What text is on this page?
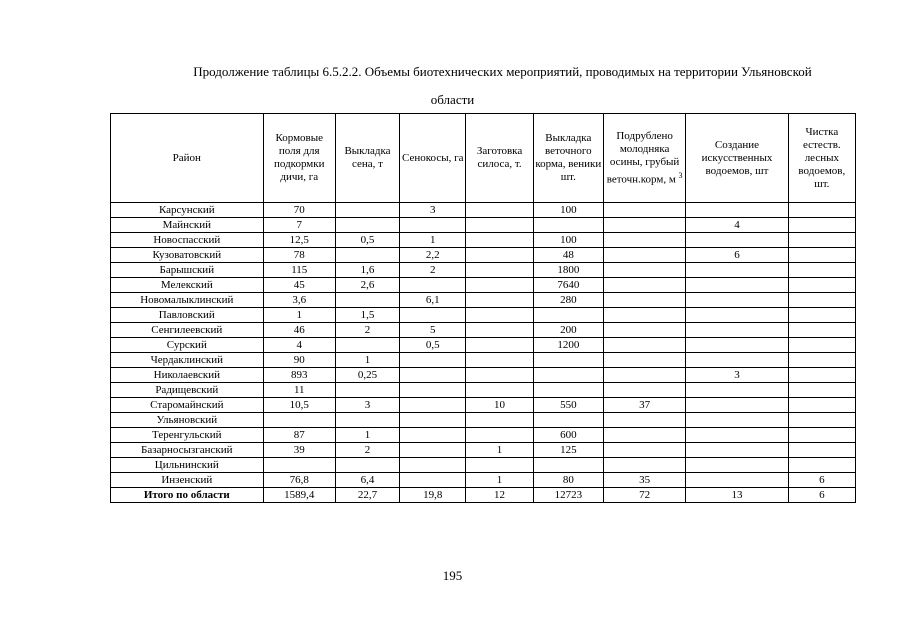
Продолжение таблицы 6.5.2.2. Объемы биотехнических мероприятий, проводимых на территории Ульяновской
области
Район	Кормовые поля для подкормки дичи, га	Выкладка сена, т	Сенокосы, га	Заготовка силоса, т.	Выкладка веточного корма, веники шт.	Подрублено молодняка осины, грубый веточн.корм, м $^3$	Создание искусственных водоемов, шт	Чистка естеств. лесных водоемов, шт.
Карсунский	70		3		100			
Майнский	7						4	
Новоспасский	12,5	0,5	1		100			
Кузоватовский	78		2,2		48		6	
Барышский	115	1,6	2		1800			
Мелекский	45	2,6			7640			
Новомалыклинский	3,6		6,1		280			
Павловский	1	1,5						
Сенгилеевский	46	2	5		200			
Сурский	4		0,5		1200			
Чердаклинский	90	1						
Николаевский	893	0,25					3	
Радищевский	11							
Старомайнский	10,5	3		10	550	37		
Ульяновский								
Теренгульский	87	1			600			
Базарносызганский	39	2		1	125			
Цильнинский								
Инзенский	76,8	6,4		1	80	35		6
Итого по области	1589,4	22,7	19,8	12	12723	72	13	6
195
